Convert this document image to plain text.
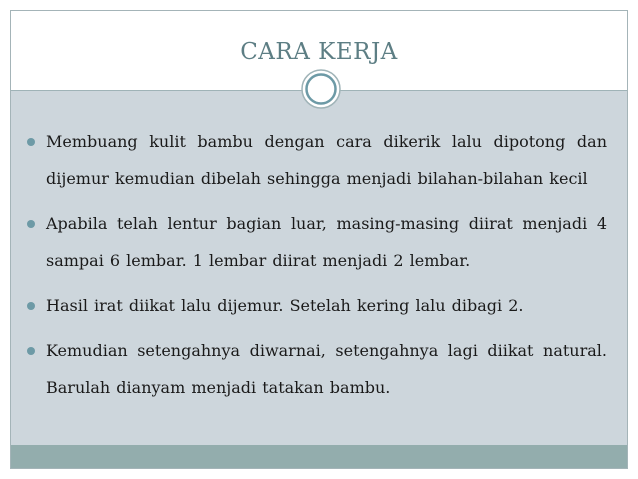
CARA KERJA
Membuang kulit bambu dengan cara dikerik lalu dipotong dan dijemur kemudian dibelah sehingga menjadi bilahan-bilahan kecil
Apabila telah lentur bagian luar, masing-masing diirat menjadi 4 sampai 6 lembar. 1 lembar diirat menjadi 2 lembar.
Hasil irat diikat lalu dijemur. Setelah kering lalu dibagi 2.
Kemudian setengahnya diwarnai, setengahnya lagi diikat natural. Barulah dianyam menjadi tatakan bambu.
